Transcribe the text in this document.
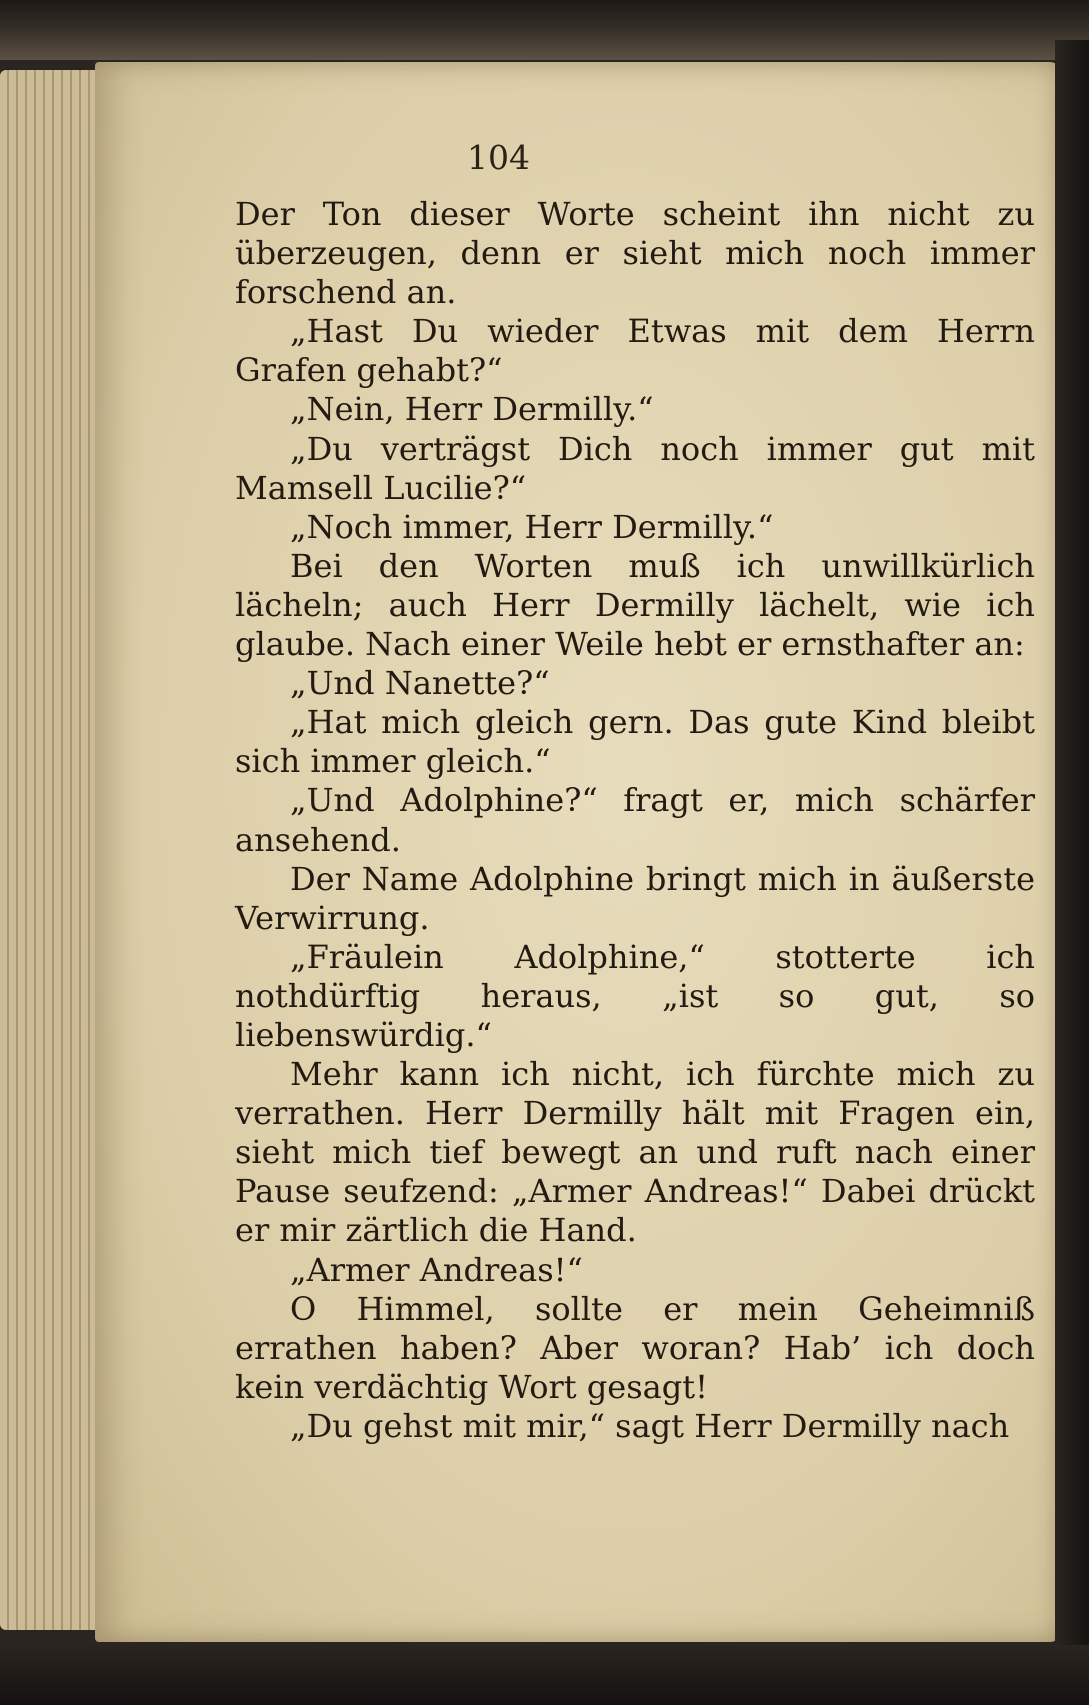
104

Der Ton dieser Worte scheint ihn nicht zu überzeugen, denn er sieht mich noch immer forschend an.

„Hast Du wieder Etwas mit dem Herrn Grafen gehabt?“

„Nein, Herr Dermilly.“

„Du verträgst Dich noch immer gut mit Mamsell Lucilie?“

„Noch immer, Herr Dermilly.“

Bei den Worten muß ich unwillkürlich lächeln; auch Herr Dermilly lächelt, wie ich glaube. Nach einer Weile hebt er ernsthafter an:

„Und Nanette?“

„Hat mich gleich gern. Das gute Kind bleibt sich immer gleich.“

„Und Adolphine?“ fragt er, mich schärfer ansehend.

Der Name Adolphine bringt mich in äußerste Verwirrung.

„Fräulein Adolphine,“ stotterte ich nothdürftig heraus, „ist so gut, so liebenswürdig.“

Mehr kann ich nicht, ich fürchte mich zu verrathen. Herr Dermilly hält mit Fragen ein, sieht mich tief bewegt an und ruft nach einer Pause seufzend: „Armer Andreas!“ Dabei drückt er mir zärtlich die Hand.

„Armer Andreas!“

O Himmel, sollte er mein Geheimniß errathen haben? Aber woran? Hab’ ich doch kein verdächtig Wort gesagt!

„Du gehst mit mir,“ sagt Herr Dermilly nach
